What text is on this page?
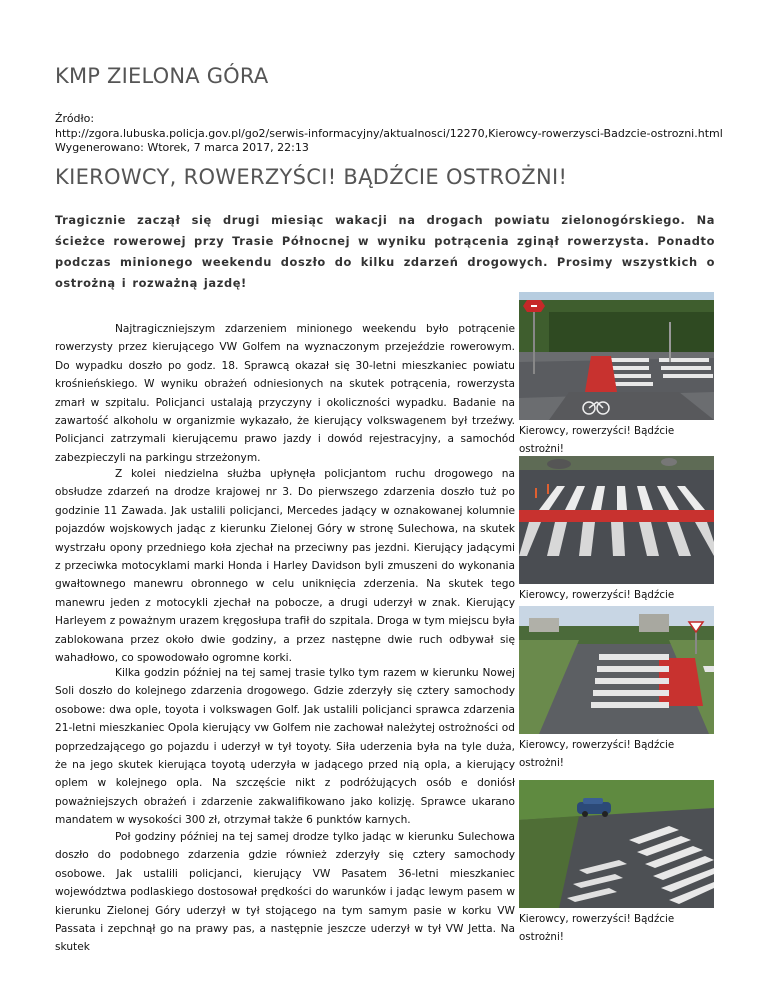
KMP ZIELONA GÓRA
Źródło:
http://zgora.lubuska.policja.gov.pl/go2/serwis-informacyjny/aktualnosci/12270,Kierowcy-rowerzysci-Badzcie-ostrozni.html
Wygenerowano: Wtorek, 7 marca 2017, 22:13
KIEROWCY, ROWERZYŚCI! BĄDŹCIE OSTROŻNI!
Tragicznie zaczął się drugi miesiąc wakacji na drogach powiatu zielonogórskiego. Na ścieżce rowerowej przy Trasie Północnej w wyniku potrącenia zginął rowerzysta. Ponadto podczas minionego weekendu doszło do kilku zdarzeń drogowych. Prosimy wszystkich o ostrożną i rozważną jazdę!
Najtragiczniejszym zdarzeniem minionego weekendu było potrącenie rowerzysty przez kierującego VW Golfem na wyznaczonym przejeździe rowerowym. Do wypadku doszło po godz. 18. Sprawcą okazał się 30-letni mieszkaniec powiatu krośnieńskiego. W wyniku obrażeń odniesionych na skutek potrącenia, rowerzysta zmarł w szpitalu. Policjanci ustalają przyczyny i okoliczności wypadku. Badanie na zawartość alkoholu w organizmie wykazało, że kierujący volkswagenem był trzeźwy. Policjanci zatrzymali kierującemu prawo jazdy i dowód rejestracyjny, a samochód zabezpieczyli na parkingu strzeżonym.
Z kolei niedzielna służba upłynęła policjantom ruchu drogowego na obsłudze zdarzeń na drodze krajowej nr 3. Do pierwszego zdarzenia doszło tuż po godzinie 11 Zawada. Jak ustalili policjanci, Mercedes jadący w oznakowanej kolumnie pojazdów wojskowych jadąc z kierunku Zielonej Góry w stronę Sulechowa, na skutek wystrzału opony przedniego koła zjechał na przeciwny pas jezdni. Kierujący jadącymi z przeciwka motocyklami marki Honda i Harley Davidson byli zmuszeni do wykonania gwałtownego manewru obronnego w celu uniknięcia zderzenia. Na skutek tego manewru jeden z motocykli zjechał na pobocze, a drugi uderzył w znak. Kierujący Harleyem z poważnym urazem kręgosłupa trafił do szpitala. Droga w tym miejscu była zablokowana przez około dwie godziny, a przez następne dwie ruch odbywał się wahadłowo, co spowodowało ogromne korki.
Kilka godzin później na tej samej trasie tylko tym razem w kierunku Nowej Soli doszło do kolejnego zdarzenia drogowego. Gdzie zderzyły się cztery samochody osobowe: dwa ople, toyota i volkswagen Golf. Jak ustalili policjanci sprawca zdarzenia 21-letni mieszkaniec Opola kierujący vw Golfem nie zachował należytej ostrożności od poprzedzającego go pojazdu i uderzył w tył toyoty. Siła uderzenia była na tyle duża, że na jego skutek kierująca toyotą uderzyła w jadącego przed nią opla, a kierujący oplem w kolejnego opla. Na szczęście nikt z podróżujących osób e doniósł poważniejszych obrażeń i zdarzenie zakwalifikowano jako kolizję. Sprawce ukarano mandatem w wysokości 300 zł, otrzymał także 6 punktów karnych.
Poł godziny później na tej samej drodze tylko jadąc w kierunku Sulechowa doszło do podobnego zdarzenia gdzie również zderzyły się cztery samochody osobowe. Jak ustalili policjanci, kierujący VW Pasatem 36-letni mieszkaniec województwa podlaskiego dostosował prędkości do warunków i jadąc lewym pasem w kierunku Zielonej Góry uderzył w tył stojącego na tym samym pasie w korku VW Passata i zepchnął go na prawy pas, a następnie jeszcze uderzył w tył VW Jetta. Na skutek
Kierowcy, rowerzyści! Bądźcie ostrożni!
Kierowcy, rowerzyści! Bądźcie
Kierowcy, rowerzyści! Bądźcie ostrożni!
Kierowcy, rowerzyści! Bądźcie ostrożni!
